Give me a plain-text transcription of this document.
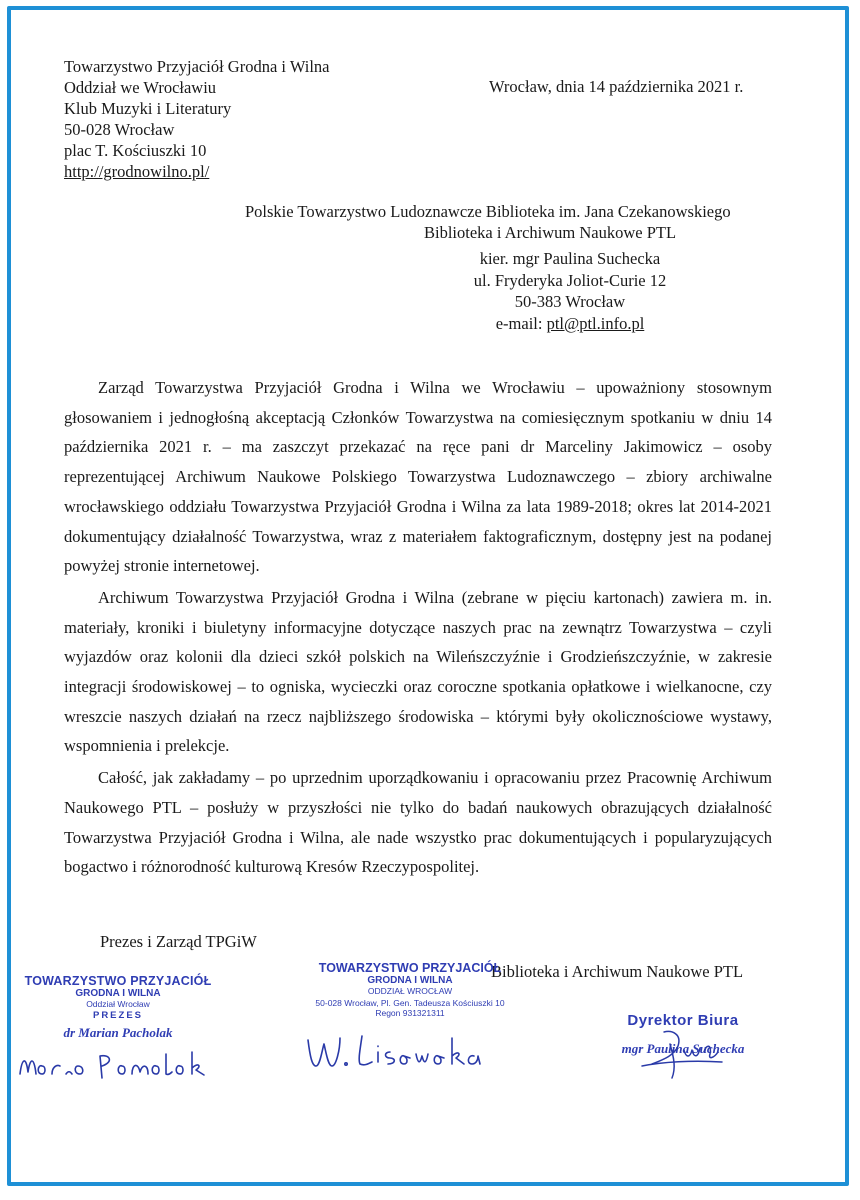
Towarzystwo Przyjaciół Grodna i Wilna
Oddział we Wrocławiu
Klub Muzyki i Literatury
50-028 Wrocław
plac T. Kościuszki 10
http://grodnowilno.pl/
Wrocław, dnia 14 października 2021 r.
Polskie Towarzystwo Ludoznawcze Biblioteka im. Jana Czekanowskiego
Biblioteka i Archiwum Naukowe PTL
kier. mgr Paulina Suchecka
ul. Fryderyka Joliot-Curie 12
50-383 Wrocław
e-mail: ptl@ptl.info.pl

Zarząd Towarzystwa Przyjaciół Grodna i Wilna we Wrocławiu – upoważniony stosownym głosowaniem i jednogłośną akceptacją Członków Towarzystwa na comiesięcznym spotkaniu w dniu 14 października 2021 r. – ma zaszczyt przekazać na ręce pani dr Marceliny Jakimowicz – osoby reprezentującej Archiwum Naukowe Polskiego Towarzystwa Ludoznawczego – zbiory archiwalne wrocławskiego oddziału Towarzystwa Przyjaciół Grodna i Wilna za lata 1989-2018; okres lat 2014-2021 dokumentujący działalność Towarzystwa, wraz z materiałem faktograficznym, dostępny jest na podanej powyżej stronie internetowej.

Archiwum Towarzystwa Przyjaciół Grodna i Wilna (zebrane w pięciu kartonach) zawiera m. in. materiały, kroniki i biuletyny informacyjne dotyczące naszych prac na zewnątrz Towarzystwa – czyli wyjazdów oraz kolonii dla dzieci szkół polskich na Wileńszczyźnie i Grodzieńszczyźnie, w zakresie integracji środowiskowej – to ogniska, wycieczki oraz coroczne spotkania opłatkowe i wielkanocne, czy wreszcie naszych działań na rzecz najbliższego środowiska – którymi były okolicznościowe wystawy, wspomnienia i prelekcje.

Całość, jak zakładamy – po uprzednim uporządkowaniu i opracowaniu przez Pracownię Archiwum Naukowego PTL – posłuży w przyszłości nie tylko do badań naukowych obrazujących działalność Towarzystwa Przyjaciół Grodna i Wilna, ale nade wszystko prac dokumentujących i popularyzujących bogactwo i różnorodność kulturową Kresów Rzeczypospolitej.

Prezes i Zarząd TPGiW
Biblioteka i Archiwum Naukowe PTL
TOWARZYSTWO PRZYJACIÓŁ
GRODNA I WILNA
Oddział Wrocław
PREZES
dr Marian Pacholak
TOWARZYSTWO PRZYJACIÓŁ
GRODNA I WILNA
ODDZIAŁ WROCŁAW
50-028 Wrocław, Pl. Gen. Tadeusza Kościuszki 10
Regon 931321311	Dyrektor Biura
mgr Paulina Suchecka
